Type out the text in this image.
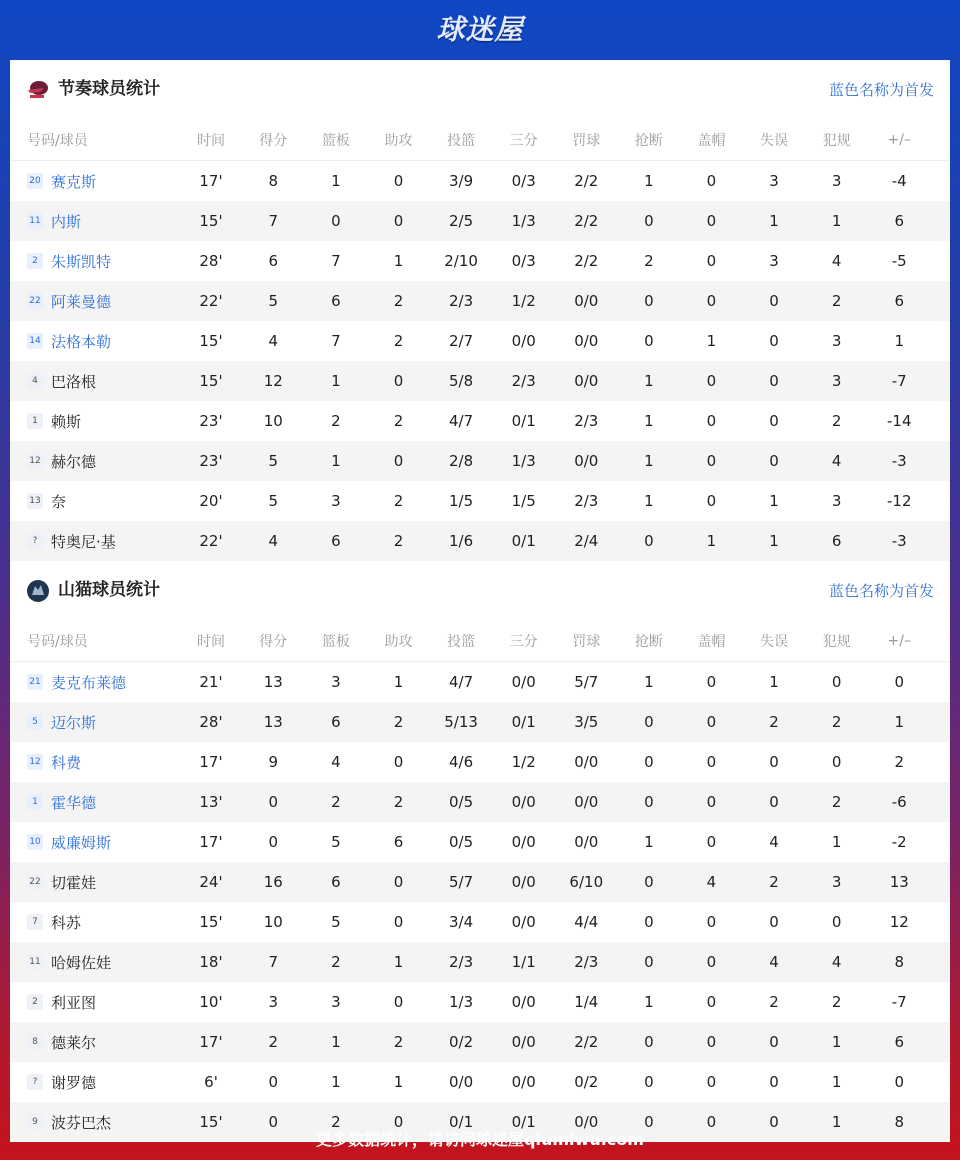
球迷屋
节奏球员统计	蓝色名称为首发
号码/球员	时间	得分	篮板	助攻	投篮	三分	罚球	抢断	盖帽	失误	犯规	+/–
20 赛克斯	17'	8	1	0	3/9	0/3	2/2	1	0	3	3	-4
11 内斯	15'	7	0	0	2/5	1/3	2/2	0	0	1	1	6
2 朱斯凯特	28'	6	7	1	2/10	0/3	2/2	2	0	3	4	-5
22 阿莱曼德	22'	5	6	2	2/3	1/2	0/0	0	0	0	2	6
14 法格本勒	15'	4	7	2	2/7	0/0	0/0	0	1	0	3	1
4 巴洛根	15'	12	1	0	5/8	2/3	0/0	1	0	0	3	-7
1 赖斯	23'	10	2	2	4/7	0/1	2/3	1	0	0	2	-14
12 赫尔德	23'	5	1	0	2/8	1/3	0/0	1	0	0	4	-3
13 奈	20'	5	3	2	1/5	1/5	2/3	1	0	1	3	-12
? 特奥尼·基	22'	4	6	2	1/6	0/1	2/4	0	1	1	6	-3
山猫球员统计	蓝色名称为首发
号码/球员	时间	得分	篮板	助攻	投篮	三分	罚球	抢断	盖帽	失误	犯规	+/–
21 麦克布莱德	21'	13	3	1	4/7	0/0	5/7	1	0	1	0	0
5 迈尔斯	28'	13	6	2	5/13	0/1	3/5	0	0	2	2	1
12 科费	17'	9	4	0	4/6	1/2	0/0	0	0	0	0	2
1 霍华德	13'	0	2	2	0/5	0/0	0/0	0	0	0	2	-6
10 威廉姆斯	17'	0	5	6	0/5	0/0	0/0	1	0	4	1	-2
22 切霍娃	24'	16	6	0	5/7	0/0	6/10	0	4	2	3	13
7 科苏	15'	10	5	0	3/4	0/0	4/4	0	0	0	0	12
11 哈姆佐娃	18'	7	2	1	2/3	1/1	2/3	0	0	4	4	8
2 利亚图	10'	3	3	0	1/3	0/0	1/4	1	0	2	2	-7
8 德莱尔	17'	2	1	2	0/2	0/0	2/2	0	0	0	1	6
? 谢罗德	6'	0	1	1	0/0	0/0	0/2	0	0	0	1	0
9 波芬巴杰	15'	0	2	0	0/1	0/1	0/0	0	0	0	1	8
更多数据统计，请访问球迷屋qiumiwu.com
